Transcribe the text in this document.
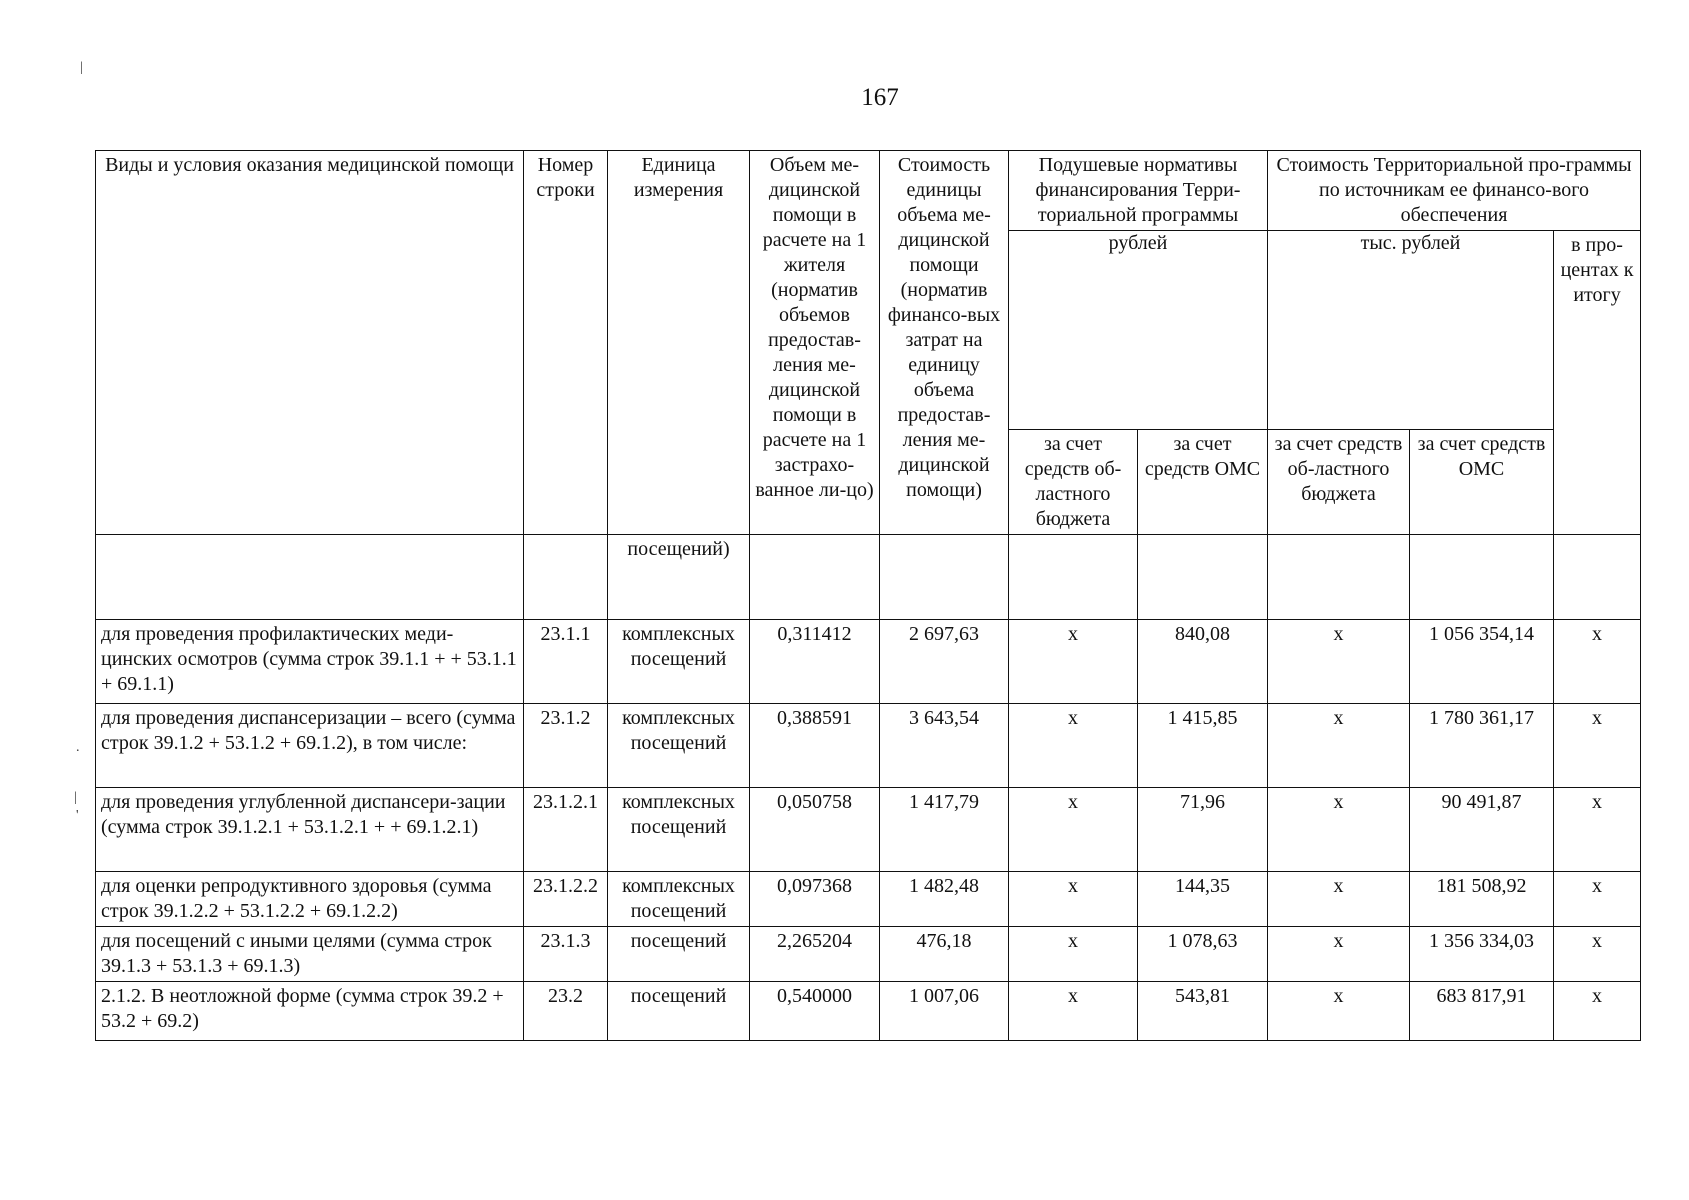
|
|
'
.
167
Виды и условия оказания медицинской помощи	Номер строки	Единица измерения	Объем ме-дицинской помощи в расчете на 1 жителя (норматив объемов предостав-ления ме-дицинской помощи в расчете на 1 застрахо-ванное ли-цо)	Стоимость единицы объема ме-дицинской помощи (норматив финансо-вых затрат на единицу объема предостав-ления ме-дицинской помощи)	Подушевые нормативы финансирования Терри-ториальной программы		Стоимость Территориальной про-граммы по источникам ее финансо-вого обеспечения		
					рублей		тыс. рублей		в про-центах к итогу
					за счет средств об-ластного бюджета	за счет средств ОМС	за счет средств об-ластного бюджета	за счет средств ОМС	
		посещений)							
для проведения профилактических меди-цинских осмотров (сумма строк 39.1.1 + + 53.1.1 + 69.1.1)	23.1.1	комплексных посещений	0,311412	2 697,63	x	840,08	x	1 056 354,14	x
для проведения диспансеризации – всего (сумма строк 39.1.2 + 53.1.2 + 69.1.2), в том числе:	23.1.2	комплексных посещений	0,388591	3 643,54	x	1 415,85	x	1 780 361,17	x
для проведения углубленной диспансери-зации (сумма строк 39.1.2.1 + 53.1.2.1 + + 69.1.2.1)	23.1.2.1	комплексных посещений	0,050758	1 417,79	x	71,96	x	90 491,87	x
для оценки репродуктивного здоровья (сумма строк 39.1.2.2 + 53.1.2.2 + 69.1.2.2)	23.1.2.2	комплексных посещений	0,097368	1 482,48	x	144,35	x	181 508,92	x
для посещений с иными целями (сумма строк 39.1.3 + 53.1.3 + 69.1.3)	23.1.3	посещений	2,265204	476,18	x	1 078,63	x	1 356 334,03	x
2.1.2. В неотложной форме (сумма строк 39.2 + 53.2 + 69.2)	23.2	посещений	0,540000	1 007,06	x	543,81	x	683 817,91	x
